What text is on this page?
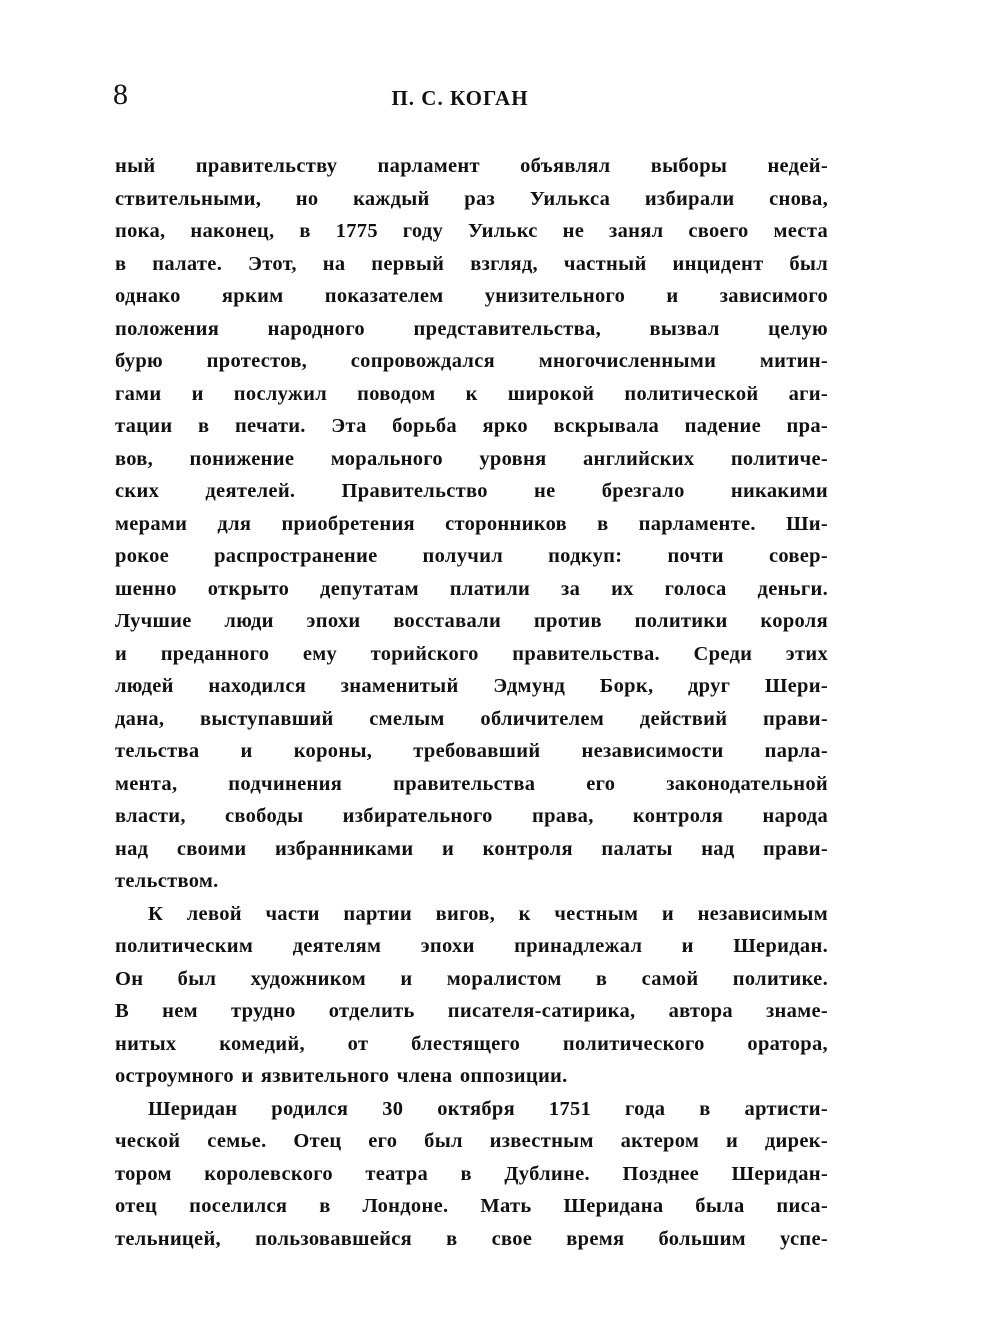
8	П. С. КОГАН
ный правительству парламент объявлял выборы недей-
ствительными, но каждый раз Уилькса избирали снова,
пока, наконец, в 1775 году Уилькс не занял своего места
в палате. Этот, на первый взгляд, частный инцидент был
однако ярким показателем унизительного и зависимого
положения народного представительства, вызвал целую
бурю протестов, сопровождался многочисленными митин-
гами и послужил поводом к широкой политической аги-
тации в печати. Эта борьба ярко вскрывала падение пра-
вов, понижение морального уровня английских политиче-
ских деятелей. Правительство не брезгало никакими
мерами для приобретения сторонников в парламенте. Ши-
рокое распространение получил подкуп: почти совер-
шенно открыто депутатам платили за их голоса деньги.
Лучшие люди эпохи восставали против политики короля
и преданного ему торийского правительства. Среди этих
людей находился знаменитый Эдмунд Борк, друг Шери-
дана, выступавший смелым обличителем действий прави-
тельства и короны, требовавший независимости парла-
мента, подчинения правительства его законодательной
власти, свободы избирательного права, контроля народа
над своими избранниками и контроля палаты над прави-
тельством.
К левой части партии вигов, к честным и независимым
политическим деятелям эпохи принадлежал и Шеридан.
Он был художником и моралистом в самой политике.
В нем трудно отделить писателя-сатирика, автора знаме-
нитых комедий, от блестящего политического оратора,
остроумного и язвительного члена оппозиции.
Шеридан родился 30 октября 1751 года в артисти-
ческой семье. Отец его был известным актером и дирек-
тором королевского театра в Дублине. Позднее Шеридан-
отец поселился в Лондоне. Мать Шеридана была писа-
тельницей, пользовавшейся в свое время большим успе-
